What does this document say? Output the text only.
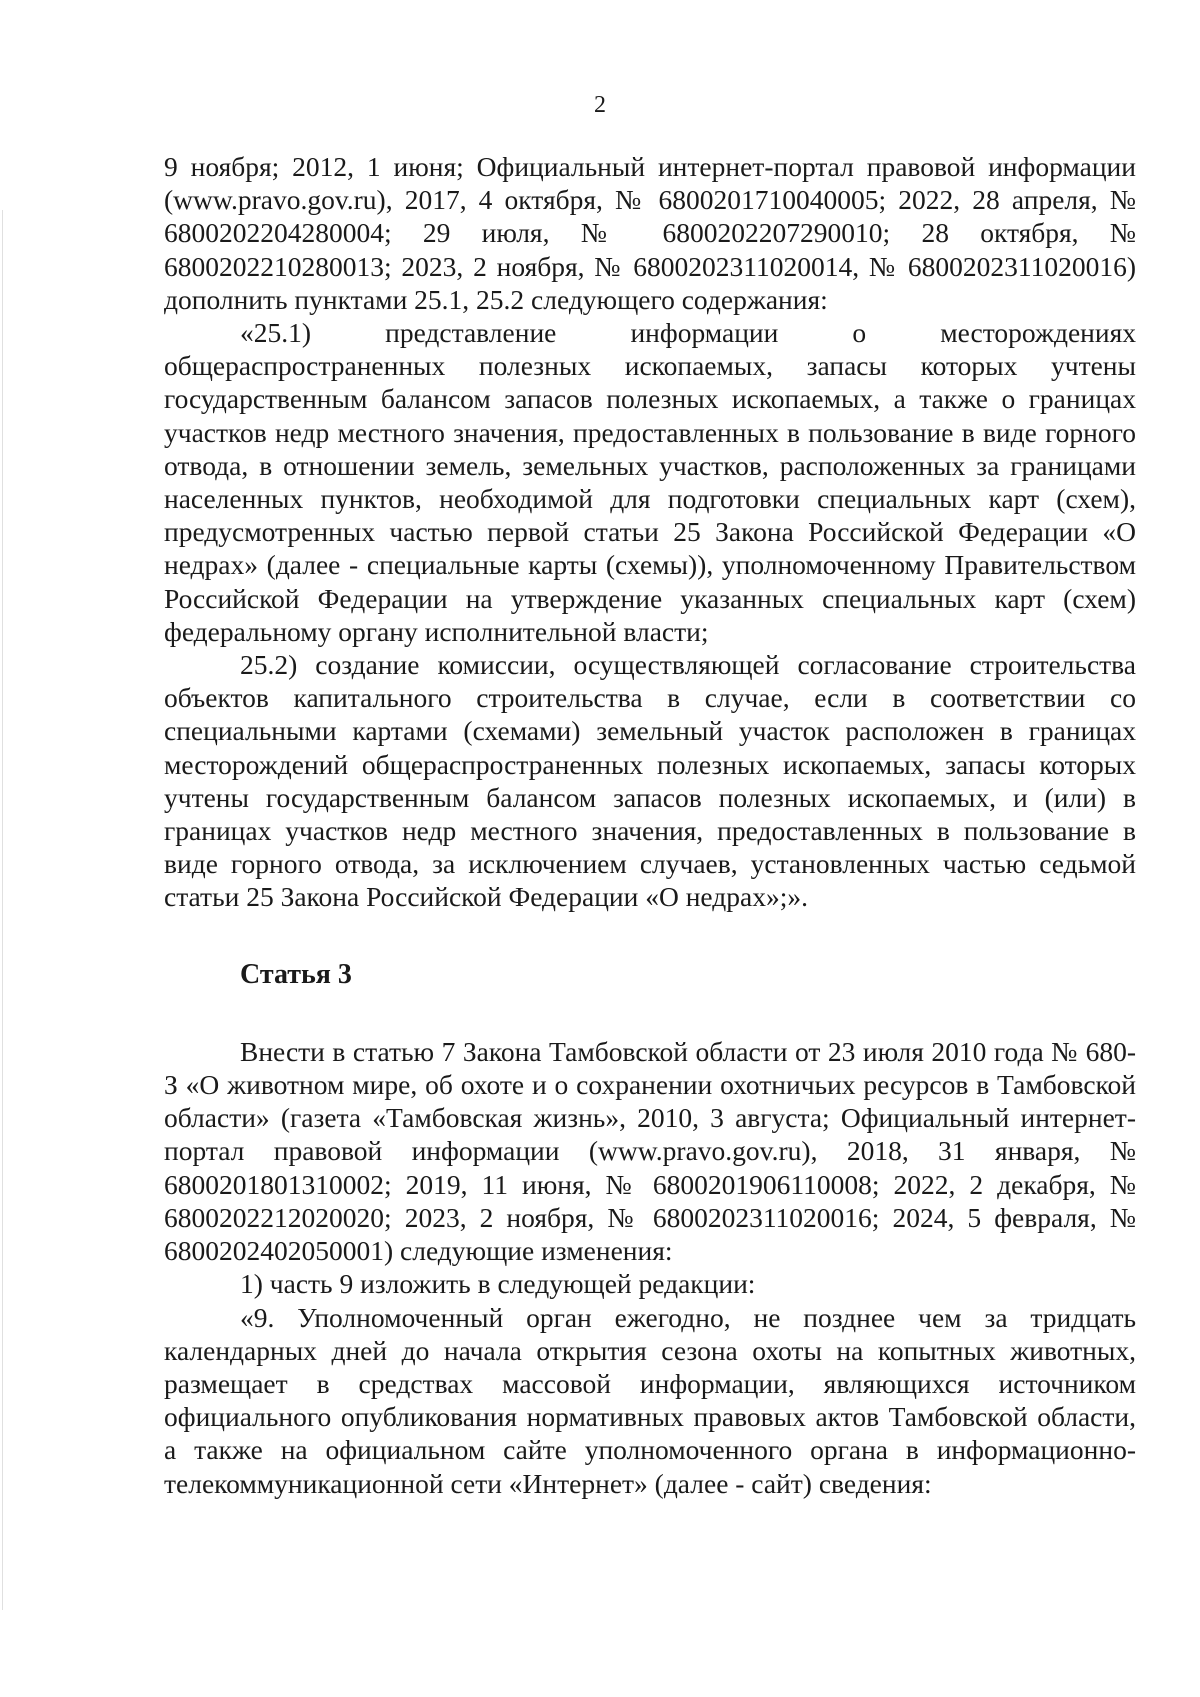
2

9 ноября; 2012, 1 июня; Официальный интернет-портал правовой информации (www.pravo.gov.ru), 2017, 4 октября, № 6800201710040005; 2022, 28 апреля, № 6800202204280004; 29 июля, № 6800202207290010; 28 октября, № 6800202210280013; 2023, 2 ноября, № 6800202311020014, № 6800202311020016) дополнить пунктами 25.1, 25.2 следующего содержания:

«25.1) представление информации о месторождениях общераспространенных полезных ископаемых, запасы которых учтены государственным балансом запасов полезных ископаемых, а также о границах участков недр местного значения, предоставленных в пользование в виде горного отвода, в отношении земель, земельных участков, расположенных за границами населенных пунктов, необходимой для подготовки специальных карт (схем), предусмотренных частью первой статьи 25 Закона Российской Федерации «О недрах» (далее - специальные карты (схемы)), уполномоченному Правительством Российской Федерации на утверждение указанных специальных карт (схем) федеральному органу исполнительной власти;

25.2) создание комиссии, осуществляющей согласование строительства объектов капитального строительства в случае, если в соответствии со специальными картами (схемами) земельный участок расположен в границах месторождений общераспространенных полезных ископаемых, запасы которых учтены государственным балансом запасов полезных ископаемых, и (или) в границах участков недр местного значения, предоставленных в пользование в виде горного отвода, за исключением случаев, установленных частью седьмой статьи 25 Закона Российской Федерации «О недрах»;».

Статья 3

Внести в статью 7 Закона Тамбовской области от 23 июля 2010 года № 680-З «О животном мире, об охоте и о сохранении охотничьих ресурсов в Тамбовской области» (газета «Тамбовская жизнь», 2010, 3 августа; Официальный интернет-портал правовой информации (www.pravo.gov.ru), 2018, 31 января, № 6800201801310002; 2019, 11 июня, № 6800201906110008; 2022, 2 декабря, № 6800202212020020; 2023, 2 ноября, № 6800202311020016; 2024, 5 февраля, № 6800202402050001) следующие изменения:

1) часть 9 изложить в следующей редакции:

«9. Уполномоченный орган ежегодно, не позднее чем за тридцать календарных дней до начала открытия сезона охоты на копытных животных, размещает в средствах массовой информации, являющихся источником официального опубликования нормативных правовых актов Тамбовской области, а также на официальном сайте уполномоченного органа в информационно-телекоммуникационной сети «Интернет» (далее - сайт) сведения:
